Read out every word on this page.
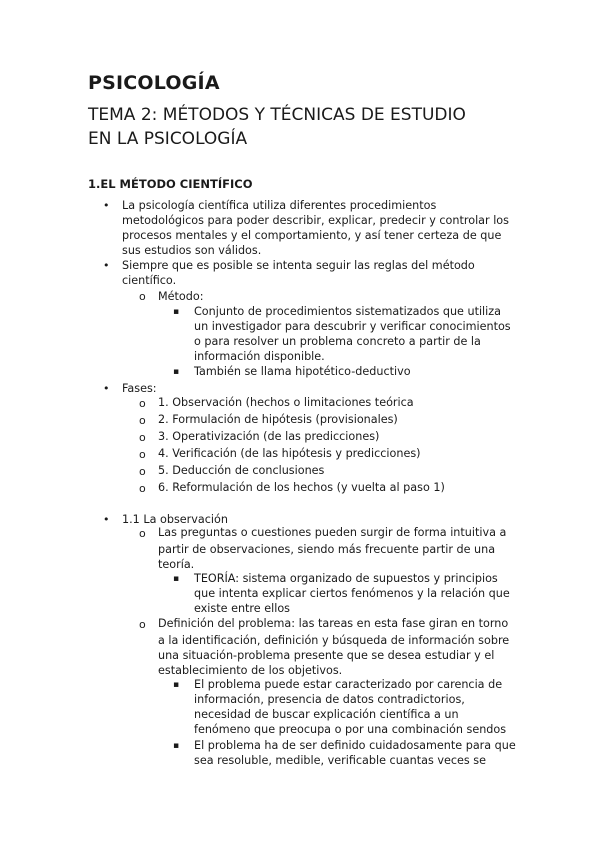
PSICOLOGÍA
TEMA 2: MÉTODOS Y TÉCNICAS DE ESTUDIO
EN LA PSICOLOGÍA
1.EL MÉTODO CIENTÍFICO
• La psicología científica utiliza diferentes procedimientos
metodológicos para poder describir, explicar, predecir y controlar los
procesos mentales y el comportamiento, y así tener certeza de que
sus estudios son válidos.
• Siempre que es posible se intenta seguir las reglas del método
científico.
o Método:
▪ Conjunto de procedimientos sistematizados que utiliza
un investigador para descubrir y verificar conocimientos
o para resolver un problema concreto a partir de la
información disponible.
▪ También se llama hipotético-deductivo
• Fases:
o 1. Observación (hechos o limitaciones teórica
o 2. Formulación de hipótesis (provisionales)
o 3. Operativización (de las predicciones)
o 4. Verificación (de las hipótesis y predicciones)
o 5. Deducción de conclusiones
o 6. Reformulación de los hechos (y vuelta al paso 1)
• 1.1 La observación
o Las preguntas o cuestiones pueden surgir de forma intuitiva a
partir de observaciones, siendo más frecuente partir de una
teoría.
▪ TEORÍA: sistema organizado de supuestos y principios
que intenta explicar ciertos fenómenos y la relación que
existe entre ellos
o Definición del problema: las tareas en esta fase giran en torno
a la identificación, definición y búsqueda de información sobre
una situación-problema presente que se desea estudiar y el
establecimiento de los objetivos.
▪ El problema puede estar caracterizado por carencia de
información, presencia de datos contradictorios,
necesidad de buscar explicación científica a un
fenómeno que preocupa o por una combinación sendos
▪ El problema ha de ser definido cuidadosamente para que
sea resoluble, medible, verificable cuantas veces se
